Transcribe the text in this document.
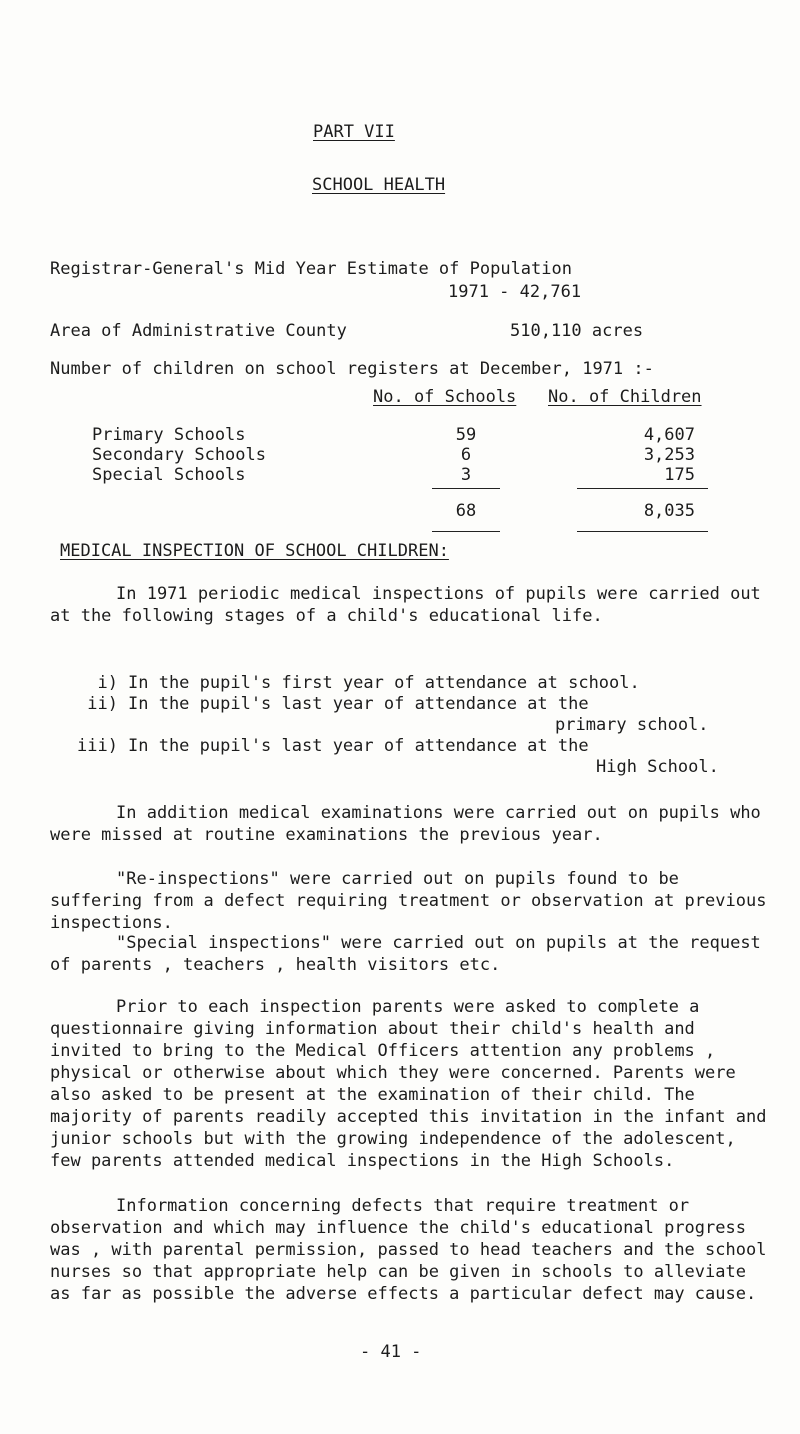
PART VII
SCHOOL HEALTH
Registrar-General's Mid Year Estimate of Population
1971 - 42,761
Area of Administrative County	510,110 acres
Number of children on school registers at December, 1971 :-
No. of Schools No. of Children
Primary Schools	59	4,607
Secondary Schools	6	3,253
Special Schools	3	175
68	8,035
MEDICAL INSPECTION OF SCHOOL CHILDREN:
In 1971 periodic medical inspections of pupils were carried out at the following stages of a child's educational life.
i) In the pupil's first year of attendance at school.
ii) In the pupil's last year of attendance at the
primary school.
iii) In the pupil's last year of attendance at the
High School.
In addition medical examinations were carried out on pupils who were missed at routine examinations the previous year.
"Re-inspections" were carried out on pupils found to be suffering from a defect requiring treatment or observation at previous inspections.
"Special inspections" were carried out on pupils at the request of parents , teachers , health visitors etc.
Prior to each inspection parents were asked to complete a questionnaire giving information about their child's health and invited to bring to the Medical Officers attention any problems , physical or otherwise about which they were concerned. Parents were also asked to be present at the examination of their child. The majority of parents readily accepted this invitation in the infant and junior schools but with the growing independence of the adolescent, few parents attended medical inspections in the High Schools.
Information concerning defects that require treatment or observation and which may influence the child's educational progress was , with parental permission, passed to head teachers and the school nurses so that appropriate help can be given in schools to alleviate as far as possible the adverse effects a particular defect may cause.
- 41 -
